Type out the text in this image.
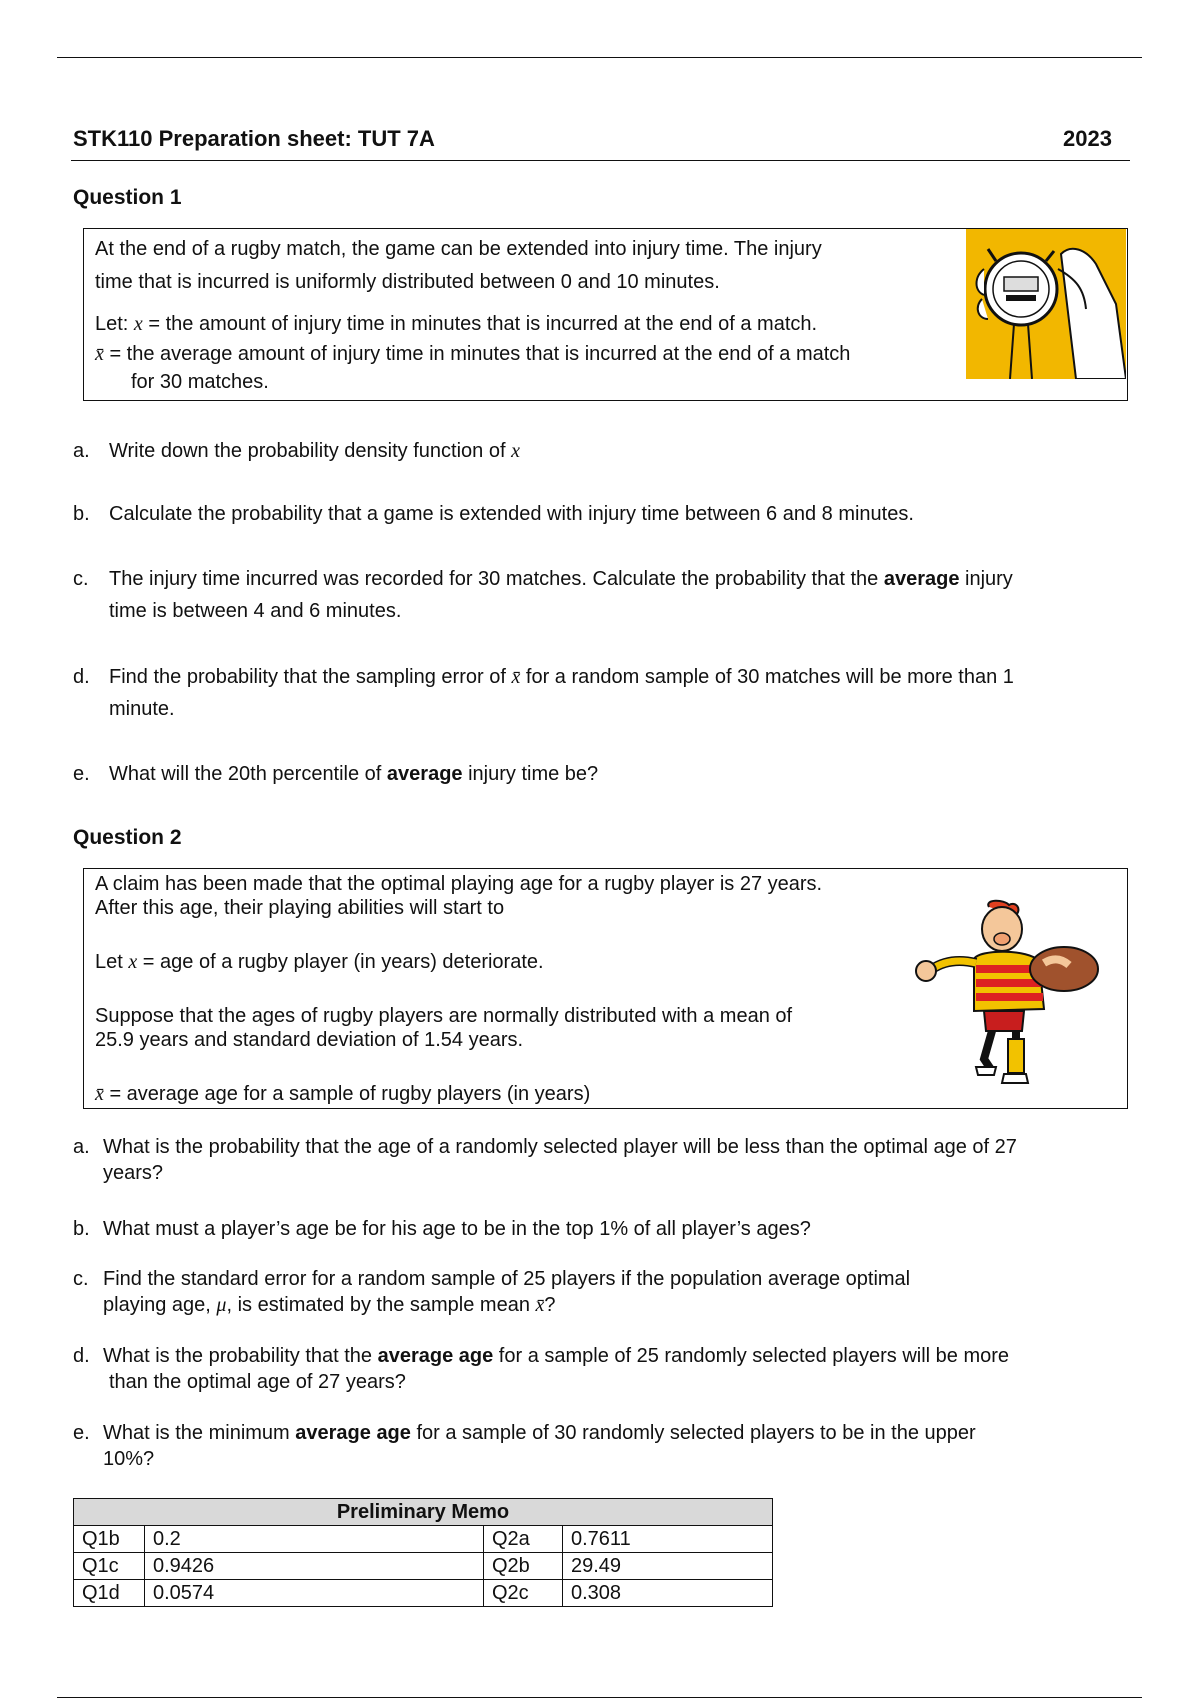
STK110 Preparation sheet: TUT 7A	2023
Question 1
At the end of a rugby match, the game can be extended into injury time. The injury
time that is incurred is uniformly distributed between 0 and 10 minutes.
Let: x = the amount of injury time in minutes that is incurred at the end of a match.
x̄ = the average amount of injury time in minutes that is incurred at the end of a match
for 30 matches.
a. Write down the probability density function of x
b. Calculate the probability that a game is extended with injury time between 6 and 8 minutes.
c. The injury time incurred was recorded for 30 matches. Calculate the probability that the average injury
time is between 4 and 6 minutes.
d. Find the probability that the sampling error of x̄ for a random sample of 30 matches will be more than 1
minute.
e. What will the 20th percentile of average injury time be?
Question 2
A claim has been made that the optimal playing age for a rugby player is 27 years.
After this age, their playing abilities will start to
Let x = age of a rugby player (in years) deteriorate.
Suppose that the ages of rugby players are normally distributed with a mean of
25.9 years and standard deviation of 1.54 years.
x̄ = average age for a sample of rugby players (in years)
a. What is the probability that the age of a randomly selected player will be less than the optimal age of 27
years?
b. What must a player’s age be for his age to be in the top 1% of all player’s ages?
c. Find the standard error for a random sample of 25 players if the population average optimal
playing age, μ, is estimated by the sample mean x̄?
d. What is the probability that the average age for a sample of 25 randomly selected players will be more
than the optimal age of 27 years?
e. What is the minimum average age for a sample of 30 randomly selected players to be in the upper
10%?
Preliminary Memo			
Q1b	0.2	Q2a	0.7611
Q1c	0.9426	Q2b	29.49
Q1d	0.0574	Q2c	0.308
